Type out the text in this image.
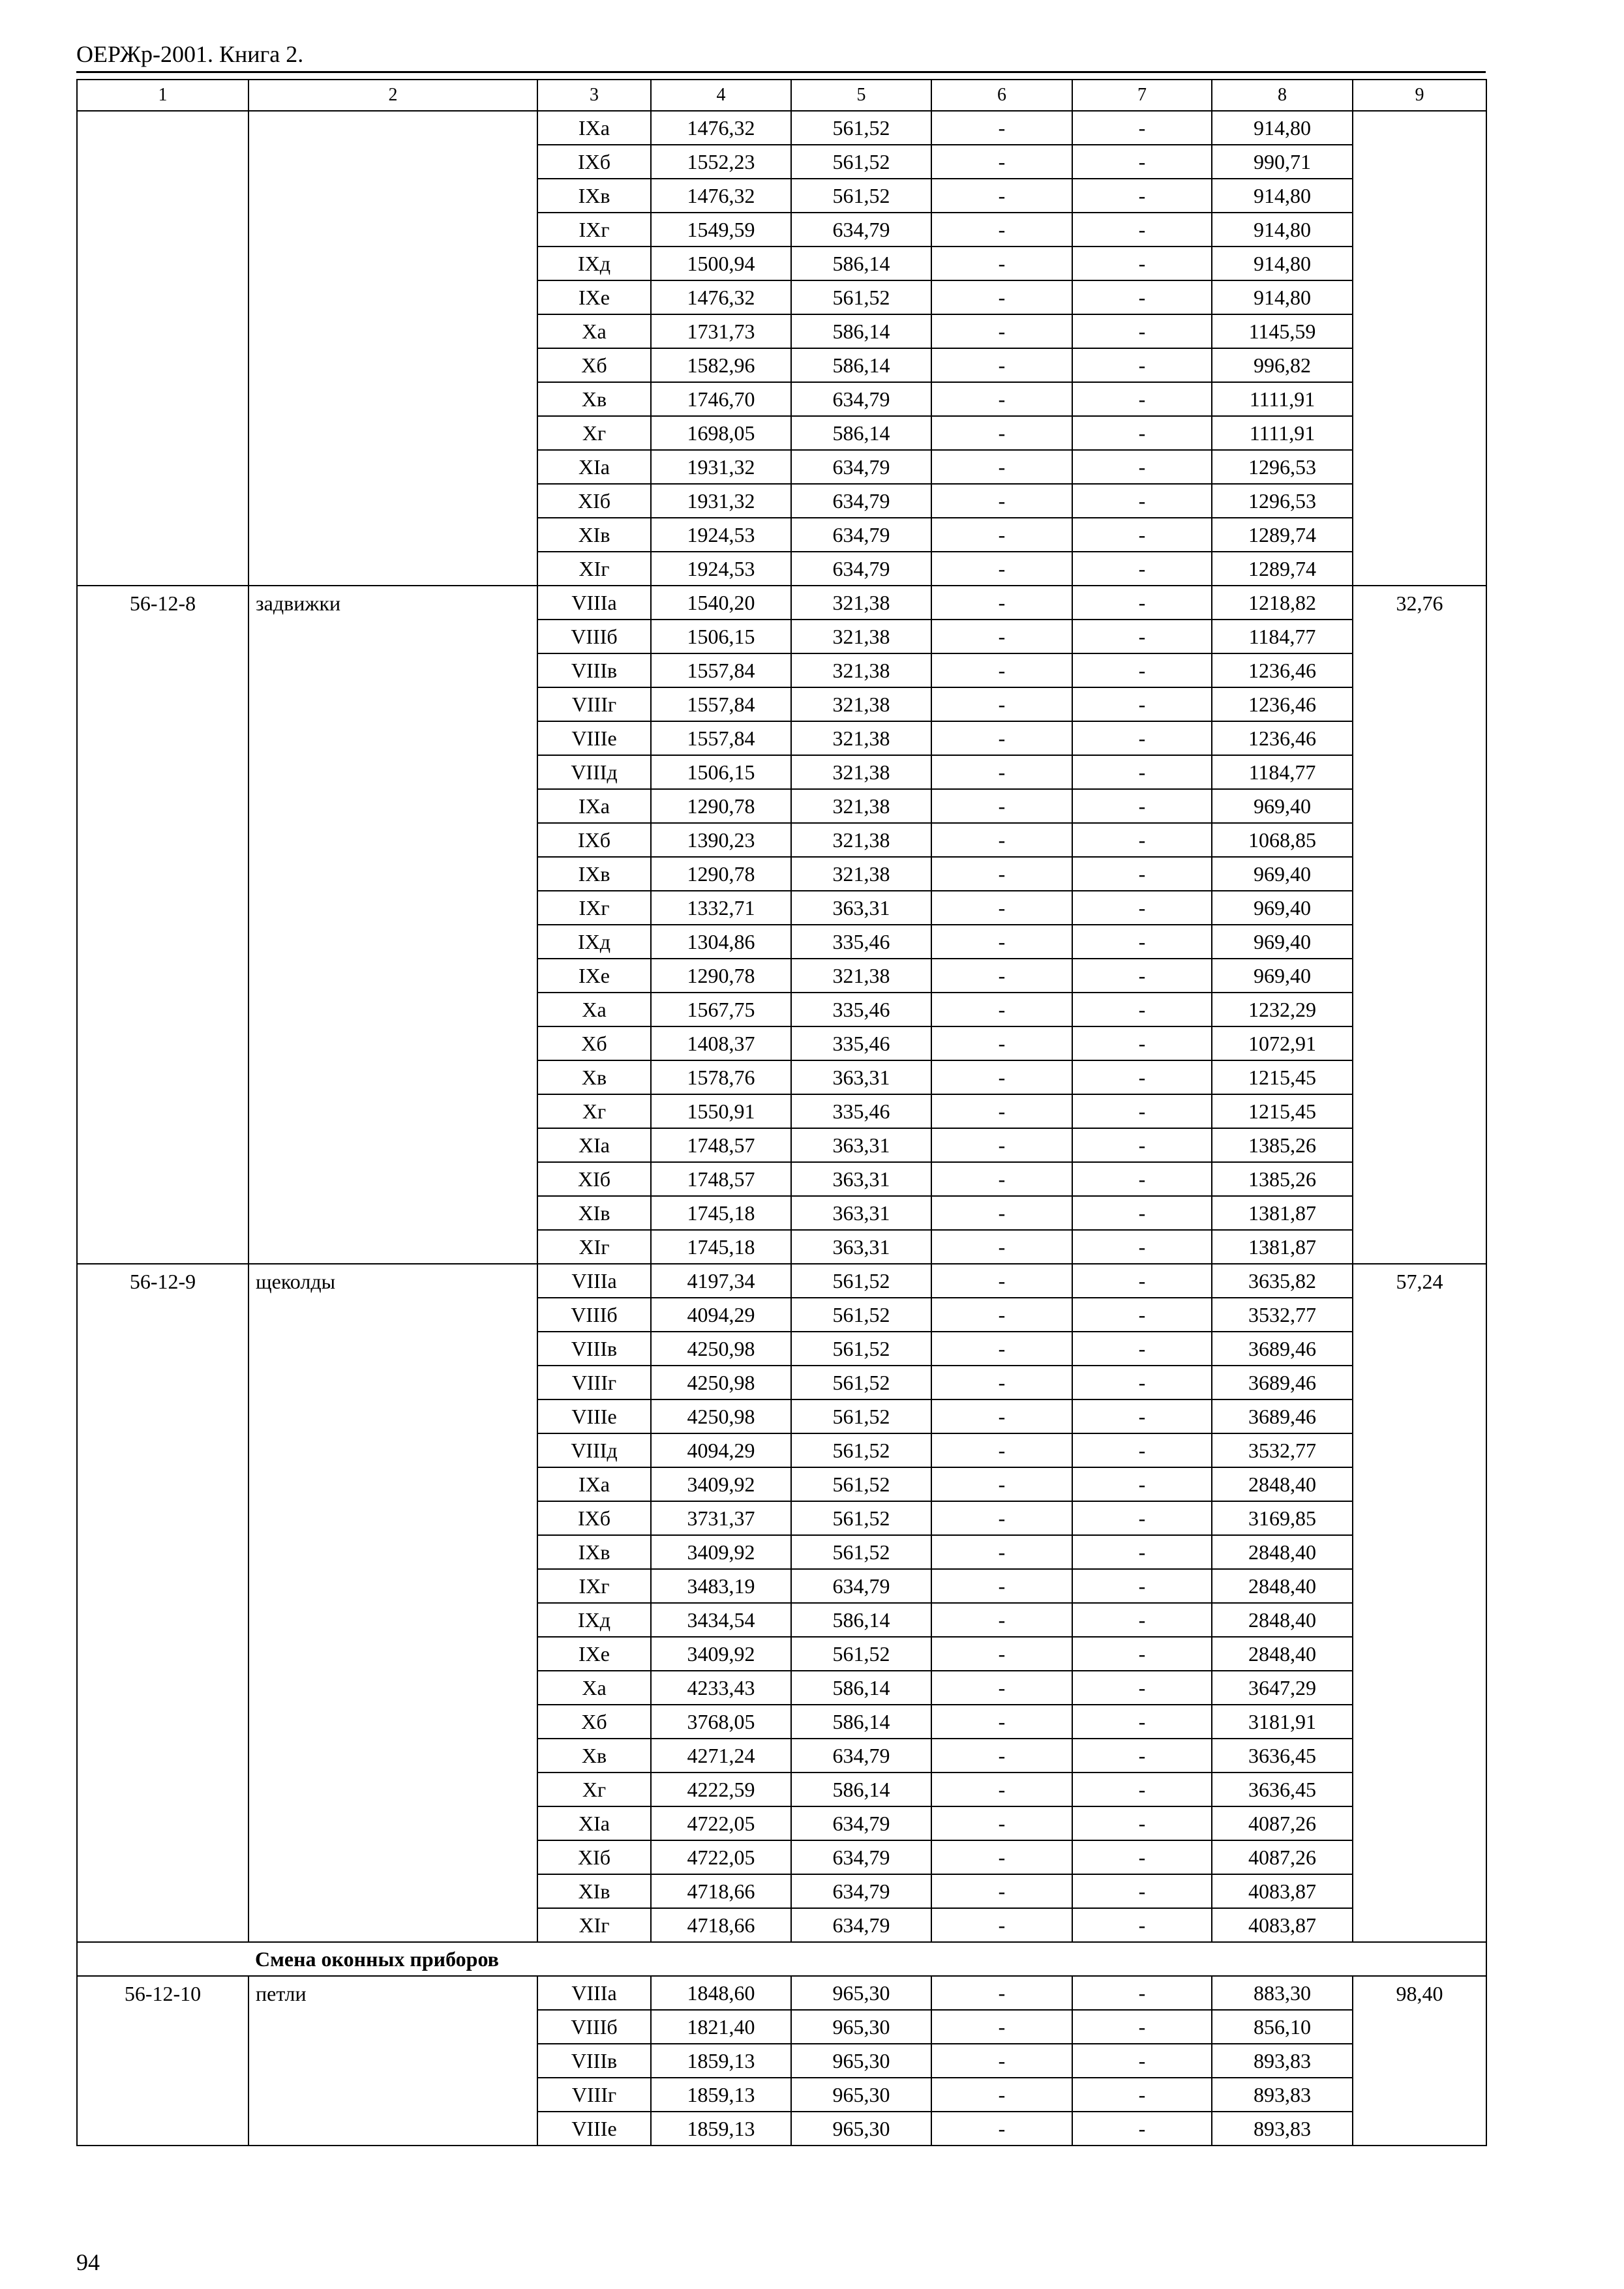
ОЕРЖр-2001. Книга 2.
1	2	3	4	5	6	7	8	9
		IXа	1476,32	561,52	-	-	914,80	
		IXб	1552,23	561,52	-	-	990,71	
		IXв	1476,32	561,52	-	-	914,80	
		IXг	1549,59	634,79	-	-	914,80	
		IXд	1500,94	586,14	-	-	914,80	
		IXе	1476,32	561,52	-	-	914,80	
		Xа	1731,73	586,14	-	-	1145,59	
		Xб	1582,96	586,14	-	-	996,82	
		Xв	1746,70	634,79	-	-	1111,91	
		Xг	1698,05	586,14	-	-	1111,91	
		XIа	1931,32	634,79	-	-	1296,53	
		XIб	1931,32	634,79	-	-	1296,53	
		XIв	1924,53	634,79	-	-	1289,74	
		XIг	1924,53	634,79	-	-	1289,74	
56-12-8	задвижки	VIIIа	1540,20	321,38	-	-	1218,82	32,76
		VIIIб	1506,15	321,38	-	-	1184,77	
		VIIIв	1557,84	321,38	-	-	1236,46	
		VIIIг	1557,84	321,38	-	-	1236,46	
		VIIIе	1557,84	321,38	-	-	1236,46	
		VIIIд	1506,15	321,38	-	-	1184,77	
		IXа	1290,78	321,38	-	-	969,40	
		IXб	1390,23	321,38	-	-	1068,85	
		IXв	1290,78	321,38	-	-	969,40	
		IXг	1332,71	363,31	-	-	969,40	
		IXд	1304,86	335,46	-	-	969,40	
		IXе	1290,78	321,38	-	-	969,40	
		Xа	1567,75	335,46	-	-	1232,29	
		Xб	1408,37	335,46	-	-	1072,91	
		Xв	1578,76	363,31	-	-	1215,45	
		Xг	1550,91	335,46	-	-	1215,45	
		XIа	1748,57	363,31	-	-	1385,26	
		XIб	1748,57	363,31	-	-	1385,26	
		XIв	1745,18	363,31	-	-	1381,87	
		XIг	1745,18	363,31	-	-	1381,87	
56-12-9	щеколды	VIIIа	4197,34	561,52	-	-	3635,82	57,24
		VIIIб	4094,29	561,52	-	-	3532,77	
		VIIIв	4250,98	561,52	-	-	3689,46	
		VIIIг	4250,98	561,52	-	-	3689,46	
		VIIIе	4250,98	561,52	-	-	3689,46	
		VIIIд	4094,29	561,52	-	-	3532,77	
		IXа	3409,92	561,52	-	-	2848,40	
		IXб	3731,37	561,52	-	-	3169,85	
		IXв	3409,92	561,52	-	-	2848,40	
		IXг	3483,19	634,79	-	-	2848,40	
		IXд	3434,54	586,14	-	-	2848,40	
		IXе	3409,92	561,52	-	-	2848,40	
		Xа	4233,43	586,14	-	-	3647,29	
		Xб	3768,05	586,14	-	-	3181,91	
		Xв	4271,24	634,79	-	-	3636,45	
		Xг	4222,59	586,14	-	-	3636,45	
		XIа	4722,05	634,79	-	-	4087,26	
		XIб	4722,05	634,79	-	-	4087,26	
		XIв	4718,66	634,79	-	-	4083,87	
		XIг	4718,66	634,79	-	-	4083,87	
	Смена оконных приборов							
56-12-10	петли	VIIIа	1848,60	965,30	-	-	883,30	98,40
		VIIIб	1821,40	965,30	-	-	856,10	
		VIIIв	1859,13	965,30	-	-	893,83	
		VIIIг	1859,13	965,30	-	-	893,83	
		VIIIе	1859,13	965,30	-	-	893,83	
94
